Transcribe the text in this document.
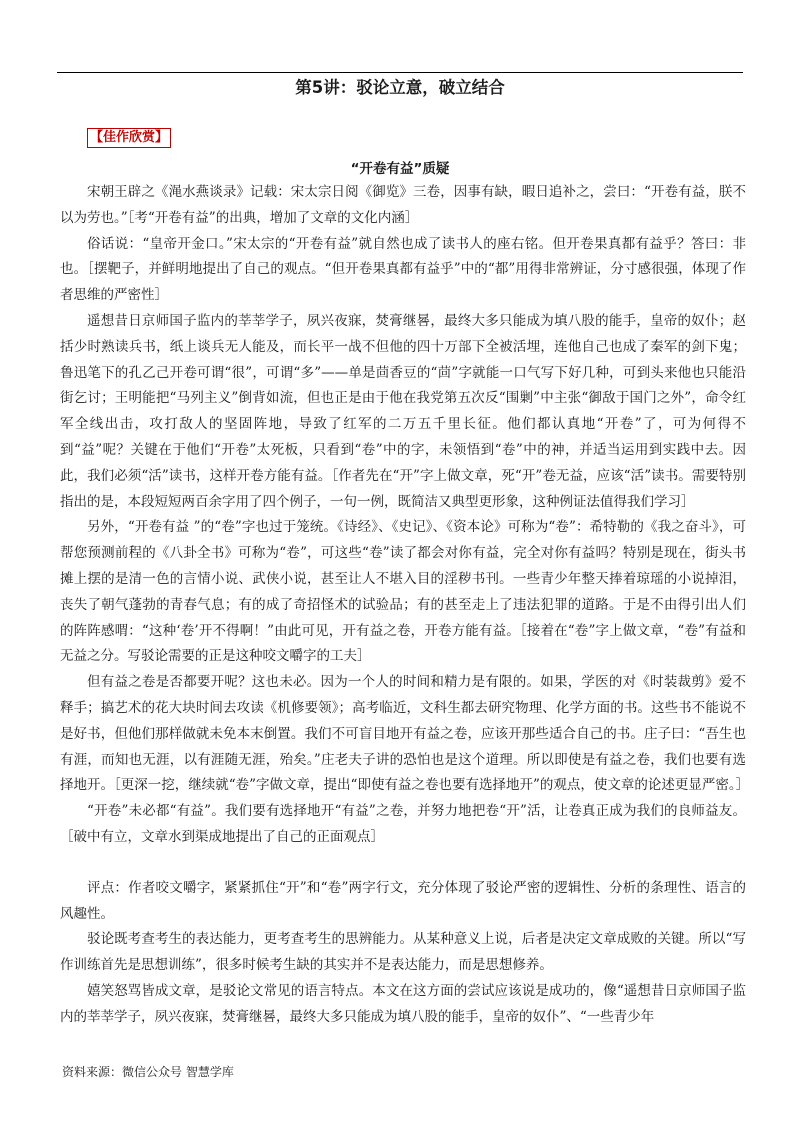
第5讲：驳论立意，破立结合
【佳作欣赏】
“开卷有益”质疑

宋朝王辟之《渑水燕谈录》记载：宋太宗日阅《御览》三卷，因事有缺，暇日追补之，尝曰：“开卷有益，朕不以为劳也。”［考“开卷有益”的出典，增加了文章的文化内涵］

俗话说：“皇帝开金口。”宋太宗的“开卷有益”就自然也成了读书人的座右铭。但开卷果真都有益乎？答曰：非也。［摆靶子，并鲜明地提出了自己的观点。“但开卷果真都有益乎”中的“都”用得非常辨证，分寸感很强，体现了作者思维的严密性］

遥想昔日京师国子监内的莘莘学子，夙兴夜寐，焚膏继晷，最终大多只能成为填八股的能手，皇帝的奴仆；赵括少时熟读兵书，纸上谈兵无人能及，而长平一战不但他的四十万部下全被活埋，连他自己也成了秦军的剑下鬼；鲁迅笔下的孔乙己开卷可谓“很”，可谓“多”——单是茴香豆的“茴”字就能一口气写下好几种，可到头来他也只能沿街乞讨；王明能把“马列主义”倒背如流，但也正是由于他在我党第五次反“围剿”中主张“御敌于国门之外”，命令红军全线出击，攻打敌人的坚固阵地，导致了红军的二万五千里长征。他们都认真地“开卷”了，可为何得不到“益”呢？关键在于他们“开卷”太死板，只看到“卷”中的字，未领悟到“卷”中的神，并适当运用到实践中去。因此，我们必须“活”读书，这样开卷方能有益。［作者先在“开”字上做文章，死“开”卷无益，应该“活”读书。需要特别指出的是，本段短短两百余字用了四个例子，一句一例，既简洁又典型更形象，这种例证法值得我们学习］

另外，“开卷有益 ”的“卷”字也过于笼统。《诗经》、《史记》、《资本论》可称为“卷”：希特勒的《我之奋斗》，可帮您预测前程的《八卦全书》可称为“卷”，可这些“卷”读了都会对你有益，完全对你有益吗？特别是现在，街头书摊上摆的是清一色的言情小说、武侠小说，甚至让人不堪入目的淫秽书刊。一些青少年整天捧着琼瑶的小说掉泪，丧失了朝气蓬勃的青春气息；有的成了奇招怪术的试验品；有的甚至走上了违法犯罪的道路。于是不由得引出人们的阵阵感喟：“这种‘卷’开不得啊！”由此可见，开有益之卷，开卷方能有益。［接着在“卷”字上做文章，“卷”有益和无益之分。写驳论需要的正是这种咬文嚼字的工夫］

但有益之卷是否都要开呢？这也未必。因为一个人的时间和精力是有限的。如果，学医的对《时装裁剪》爱不释手；搞艺术的花大块时间去攻读《机修要领》；高考临近，文科生都去研究物理、化学方面的书。这些书不能说不是好书，但他们那样做就未免本末倒置。我们不可盲目地开有益之卷，应该开那些适合自己的书。庄子曰：“吾生也有涯，而知也无涯，以有涯随无涯，殆矣。”庄老夫子讲的恐怕也是这个道理。所以即使是有益之卷，我们也要有选择地开。［更深一挖，继续就“卷”字做文章，提出“即使有益之卷也要有选择地开”的观点，使文章的论述更显严密。］

“开卷”未必都“有益”。我们要有选择地开“有益”之卷，并努力地把卷“开”活，让卷真正成为我们的良师益友。［破中有立，文章水到渠成地提出了自己的正面观点］

评点：作者咬文嚼字，紧紧抓住“开”和“卷”两字行文，充分体现了驳论严密的逻辑性、分析的条理性、语言的风趣性。

驳论既考查考生的表达能力，更考查考生的思辨能力。从某种意义上说，后者是决定文章成败的关键。所以“写作训练首先是思想训练”，很多时候考生缺的其实并不是表达能力，而是思想修养。

嬉笑怒骂皆成文章，是驳论文常见的语言特点。本文在这方面的尝试应该说是成功的，像“遥想昔日京师国子监内的莘莘学子，夙兴夜寐，焚膏继晷，最终大多只能成为填八股的能手，皇帝的奴仆”、“一些青少年

资料来源：微信公众号 智慧学库
